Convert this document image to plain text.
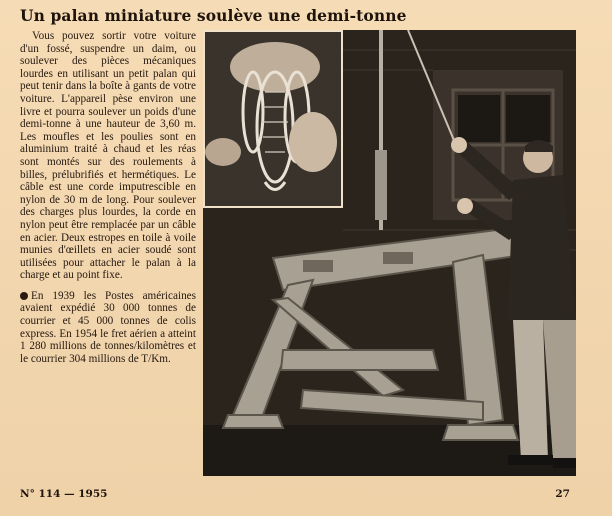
Un palan miniature soulève une demi-tonne

Vous pouvez sortir votre voiture d'un fossé, suspendre un daim, ou soulever des pièces mécaniques lourdes en utilisant un petit palan qui peut tenir dans la boîte à gants de votre voiture. L'appareil pèse environ une livre et pourra soulever un poids d'une demi-tonne à une hauteur de 3,60 m. Les moufles et les poulies sont en aluminium traité à chaud et les réas sont montés sur des roulements à billes, prélubrifiés et hermétiques. Le câble est une corde imputrescible en nylon de 30 m de long. Pour soulever des charges plus lourdes, la corde en nylon peut être remplacée par un câble en acier. Deux estropes en toile à voile munies d'œillets en acier soudé sont utilisées pour attacher le palan à la charge et au point fixe.

En 1939 les Postes américaines avaient expédié 30 000 tonnes de courrier et 45 000 tonnes de colis express. En 1954 le fret aérien a atteint 1 280 millions de tonnes/kilomètres et le courrier 304 millions de T/Km.

N° 114 — 1955	27
